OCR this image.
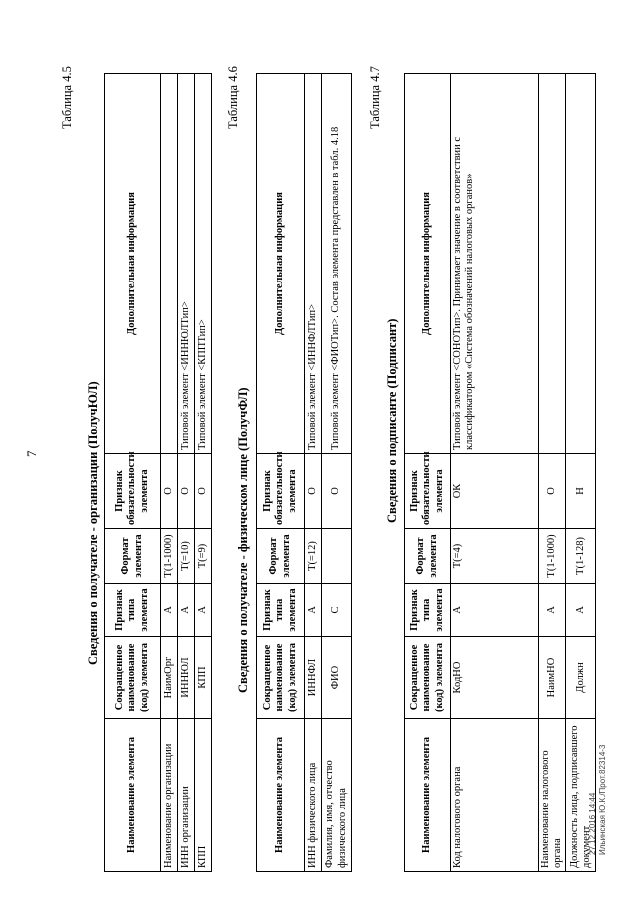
7
Таблица 4.5
Сведения о получателе - организации (ПолучЮЛ)
Наименование элемента	Сокращенное наименование (код) элемента	Признак типа элемента	Формат элемента	Признак обязательности элемента	Дополнительная информация
Наименование организации	НаимОрг	А	Т(1-1000)	О	
ИНН организации	ИННЮЛ	А	Т(=10)	О	Типовой элемент <ИННЮЛТип>
КПП	КПП	А	Т(=9)	О	Типовой элемент <КППТип>
Таблица 4.6
Сведения о получателе - физическом лице (ПолучФЛ)
Наименование элемента	Сокращенное наименование (код) элемента	Признак типа элемента	Формат элемента	Признак обязательности элемента	Дополнительная информация
ИНН физического лица	ИННФЛ	А	Т(=12)	О	Типовой элемент <ИННФЛТип>
Фамилия, имя, отчество физического лица	ФИО	С		О	Типовой элемент <ФИОТип>. Состав элемента представлен в табл. 4.18
Таблица 4.7
Сведения о подписанте (Подписант)
Наименование элемента	Сокращенное наименование (код) элемента	Признак типа элемента	Формат элемента	Признак обязательности элемента	Дополнительная информация
Код налогового органа	КодНО	А	Т(=4)	ОК	Типовой элемент <СОНОТип>. Принимает значение в соответствии с классификатором «Система обозначений налоговых органов»
Наименование налогового органа	НаимНО	А	Т(1-1000)	О	
Должность лица, подписавшего документ	Должн	А	Т(1-128)	Н	
27.12.2016 14:44 Ильинская Ю.К./Прот.82314-3
